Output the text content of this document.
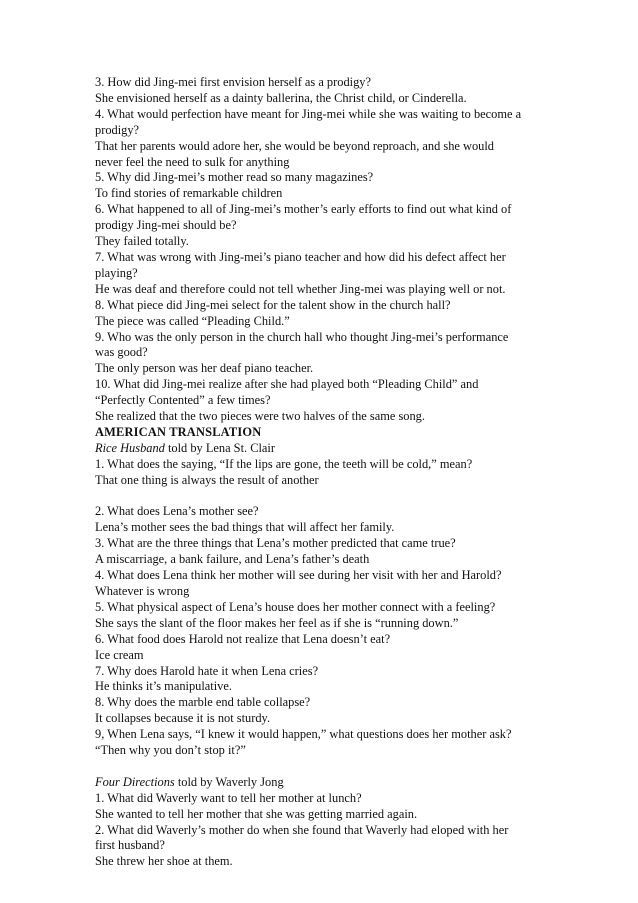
3. How did Jing-mei first envision herself as a prodigy?
She envisioned herself as a dainty ballerina, the Christ child, or Cinderella.
4. What would perfection have meant for Jing-mei while she was waiting to become a
prodigy?
That her parents would adore her, she would be beyond reproach, and she would
never feel the need to sulk for anything
5. Why did Jing-mei’s mother read so many magazines?
To find stories of remarkable children
6. What happened to all of Jing-mei’s mother’s early efforts to find out what kind of
prodigy Jing-mei should be?
They failed totally.
7. What was wrong with Jing-mei’s piano teacher and how did his defect affect her
playing?
He was deaf and therefore could not tell whether Jing-mei was playing well or not.
8. What piece did Jing-mei select for the talent show in the church hall?
The piece was called “Pleading Child.”
9. Who was the only person in the church hall who thought Jing-mei’s performance
was good?
The only person was her deaf piano teacher.
10. What did Jing-mei realize after she had played both “Pleading Child” and
“Perfectly Contented” a few times?
She realized that the two pieces were two halves of the same song.
AMERICAN TRANSLATION
Rice Husband told by Lena St. Clair
1. What does the saying, “If the lips are gone, the teeth will be cold,” mean?
That one thing is always the result of another
2. What does Lena’s mother see?
Lena’s mother sees the bad things that will affect her family.
3. What are the three things that Lena’s mother predicted that came true?
A miscarriage, a bank failure, and Lena’s father’s death
4. What does Lena think her mother will see during her visit with her and Harold?
Whatever is wrong
5. What physical aspect of Lena’s house does her mother connect with a feeling?
She says the slant of the floor makes her feel as if she is “running down.”
6. What food does Harold not realize that Lena doesn’t eat?
Ice cream
7. Why does Harold hate it when Lena cries?
He thinks it’s manipulative.
8. Why does the marble end table collapse?
It collapses because it is not sturdy.
9, When Lena says, “I knew it would happen,” what questions does her mother ask?
“Then why you don’t stop it?”
Four Directions told by Waverly Jong
1. What did Waverly want to tell her mother at lunch?
She wanted to tell her mother that she was getting married again.
2. What did Waverly’s mother do when she found that Waverly had eloped with her
first husband?
She threw her shoe at them.
